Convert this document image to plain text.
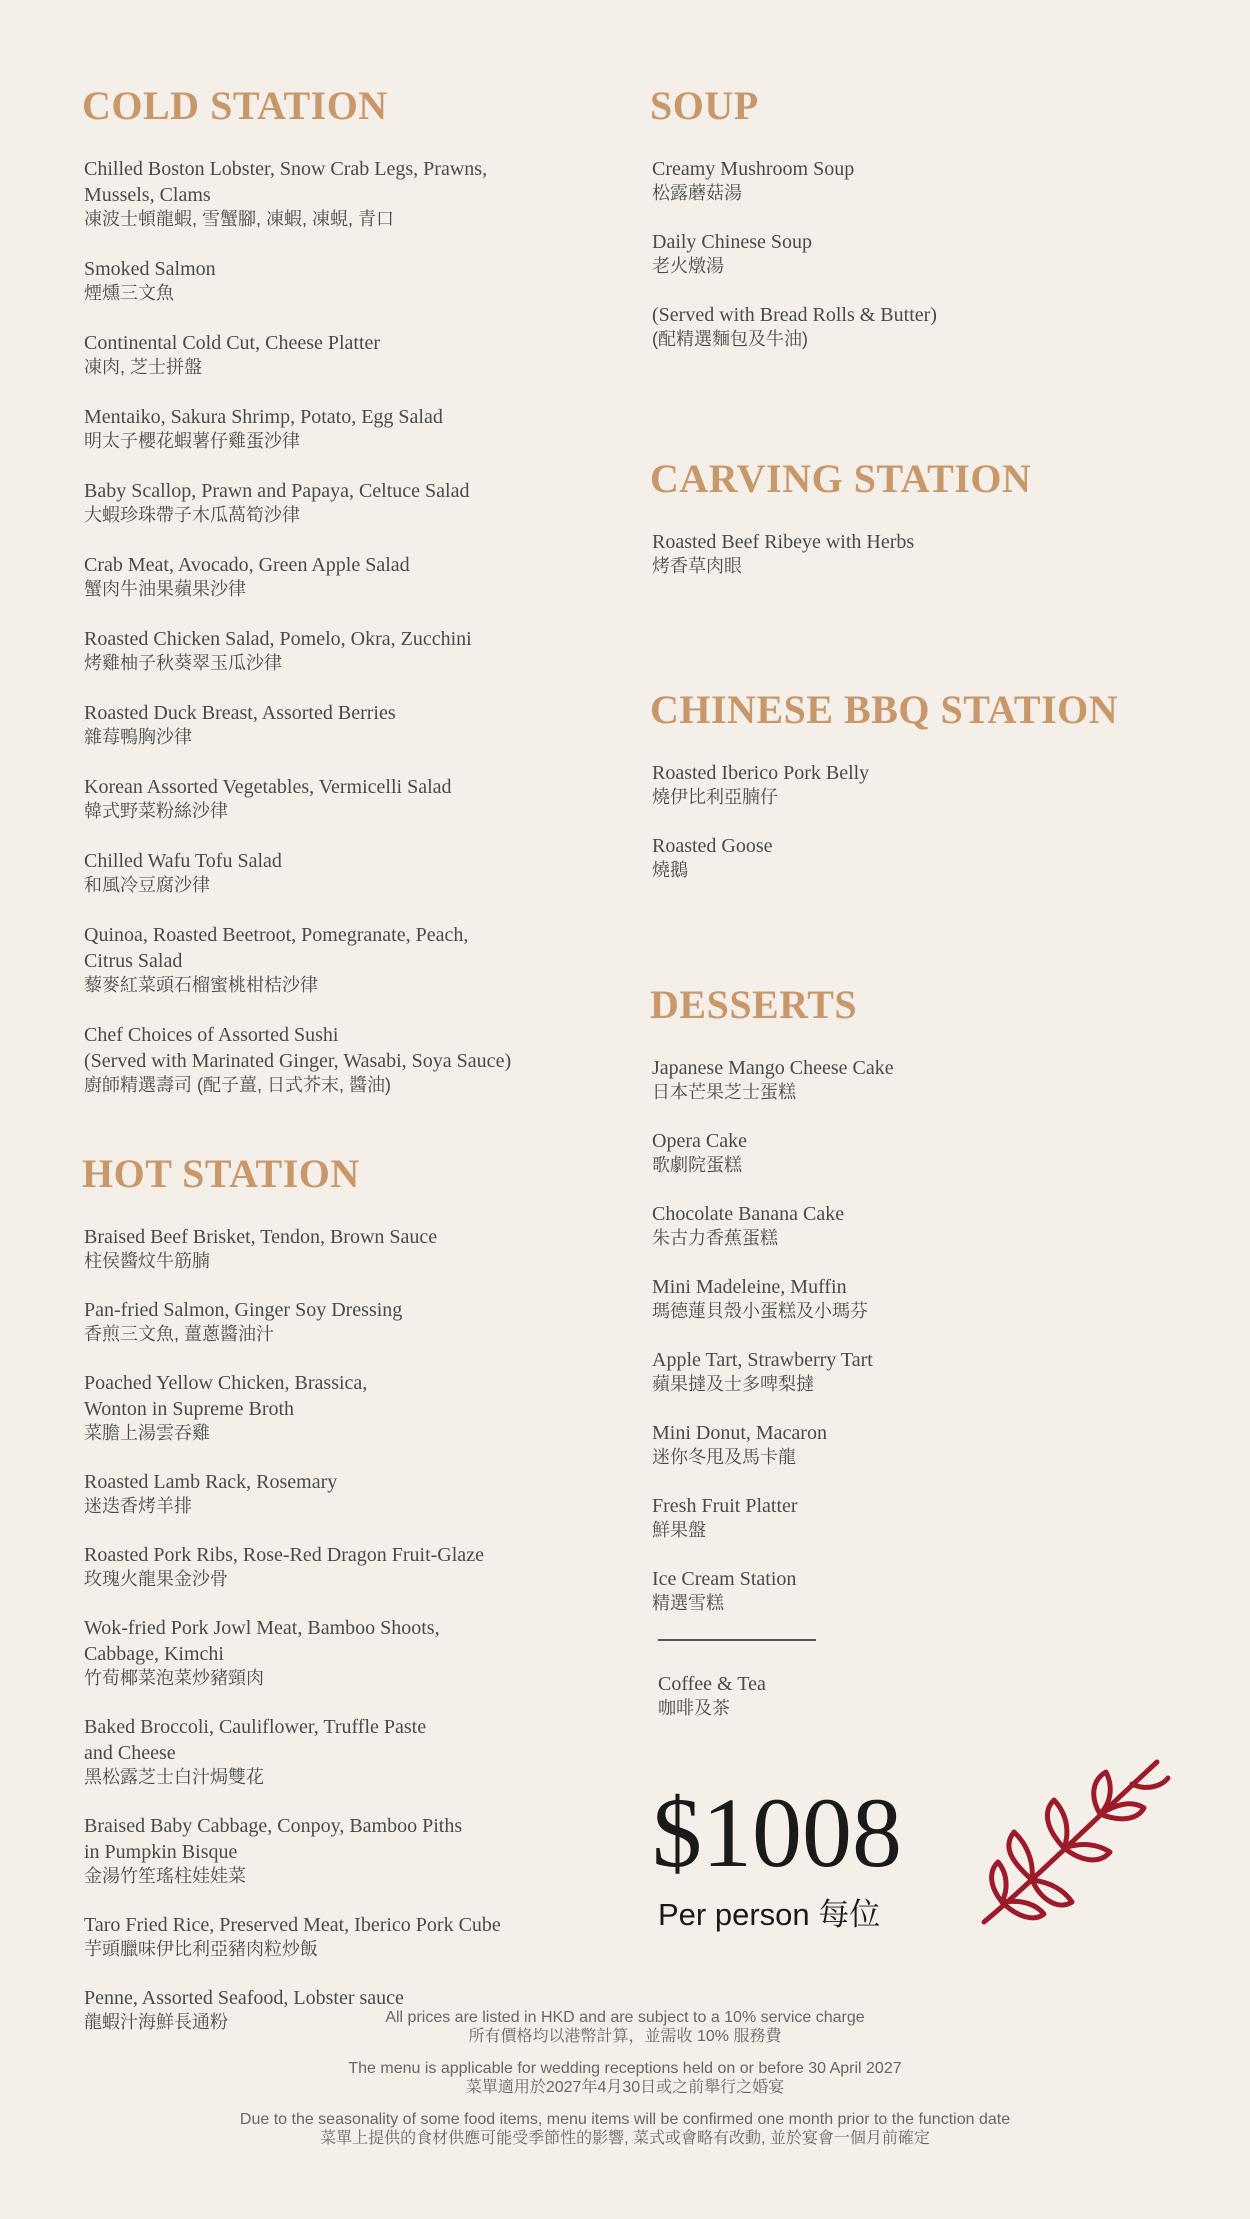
COLD STATION
Chilled Boston Lobster, Snow Crab Legs, Prawns,
Mussels, Clams
凍波士頓龍蝦, 雪蟹腳, 凍蝦, 凍蜆, 青口
Smoked Salmon
煙燻三文魚
Continental Cold Cut, Cheese Platter
凍肉, 芝士拼盤
Mentaiko, Sakura Shrimp, Potato, Egg Salad
明太子櫻花蝦薯仔雞蛋沙律
Baby Scallop, Prawn and Papaya, Celtuce Salad
大蝦珍珠帶子木瓜萵筍沙律
Crab Meat, Avocado, Green Apple Salad
蟹肉牛油果蘋果沙律
Roasted Chicken Salad, Pomelo, Okra, Zucchini
烤雞柚子秋葵翠玉瓜沙律
Roasted Duck Breast, Assorted Berries
雜莓鴨胸沙律
Korean Assorted Vegetables, Vermicelli Salad
韓式野菜粉絲沙律
Chilled Wafu Tofu Salad
和風冷豆腐沙律
Quinoa, Roasted Beetroot, Pomegranate, Peach,
Citrus Salad
藜麥紅菜頭石榴蜜桃柑桔沙律
Chef Choices of Assorted Sushi
(Served with Marinated Ginger, Wasabi, Soya Sauce)
廚師精選壽司 (配子薑, 日式芥末, 醬油)
HOT STATION
Braised Beef Brisket, Tendon, Brown Sauce
柱侯醬炆牛筋腩
Pan-fried Salmon, Ginger Soy Dressing
香煎三文魚, 薑蔥醬油汁
Poached Yellow Chicken, Brassica,
Wonton in Supreme Broth
菜膽上湯雲吞雞
Roasted Lamb Rack, Rosemary
迷迭香烤羊排
Roasted Pork Ribs, Rose-Red Dragon Fruit-Glaze
玫瑰火龍果金沙骨
Wok-fried Pork Jowl Meat, Bamboo Shoots,
Cabbage, Kimchi
竹荀椰菜泡菜炒豬頸肉
Baked Broccoli, Cauliflower, Truffle Paste
and Cheese
黑松露芝士白汁焗雙花
Braised Baby Cabbage, Conpoy, Bamboo Piths
in Pumpkin Bisque
金湯竹笙瑤柱娃娃菜
Taro Fried Rice, Preserved Meat, Iberico Pork Cube
芋頭臘味伊比利亞豬肉粒炒飯
Penne, Assorted Seafood, Lobster sauce
龍蝦汁海鮮長通粉
SOUP
Creamy Mushroom Soup
松露蘑菇湯
Daily Chinese Soup
老火燉湯
(Served with Bread Rolls & Butter)
(配精選麵包及牛油)
CARVING STATION
Roasted Beef Ribeye with Herbs
烤香草肉眼
CHINESE BBQ STATION
Roasted Iberico Pork Belly
燒伊比利亞腩仔
Roasted Goose
燒鵝
DESSERTS
Japanese Mango Cheese Cake
日本芒果芝士蛋糕
Opera Cake
歌劇院蛋糕
Chocolate Banana Cake
朱古力香蕉蛋糕
Mini Madeleine, Muffin
瑪德蓮貝殼小蛋糕及小瑪芬
Apple Tart, Strawberry Tart
蘋果撻及士多啤梨撻
Mini Donut, Macaron
迷你冬甩及馬卡龍
Fresh Fruit Platter
鮮果盤
Ice Cream Station
精選雪糕
Coffee & Tea
咖啡及茶
$1008
Per person 每位
All prices are listed in HKD and are subject to a 10% service charge
所有價格均以港幣計算，並需收 10% 服務費
The menu is applicable for wedding receptions held on or before 30 April 2027
菜單適用於2027年4月30日或之前舉行之婚宴
Due to the seasonality of some food items, menu items will be confirmed one month prior to the function date
菜單上提供的食材供應可能受季節性的影響, 菜式或會略有改動, 並於宴會一個月前確定
